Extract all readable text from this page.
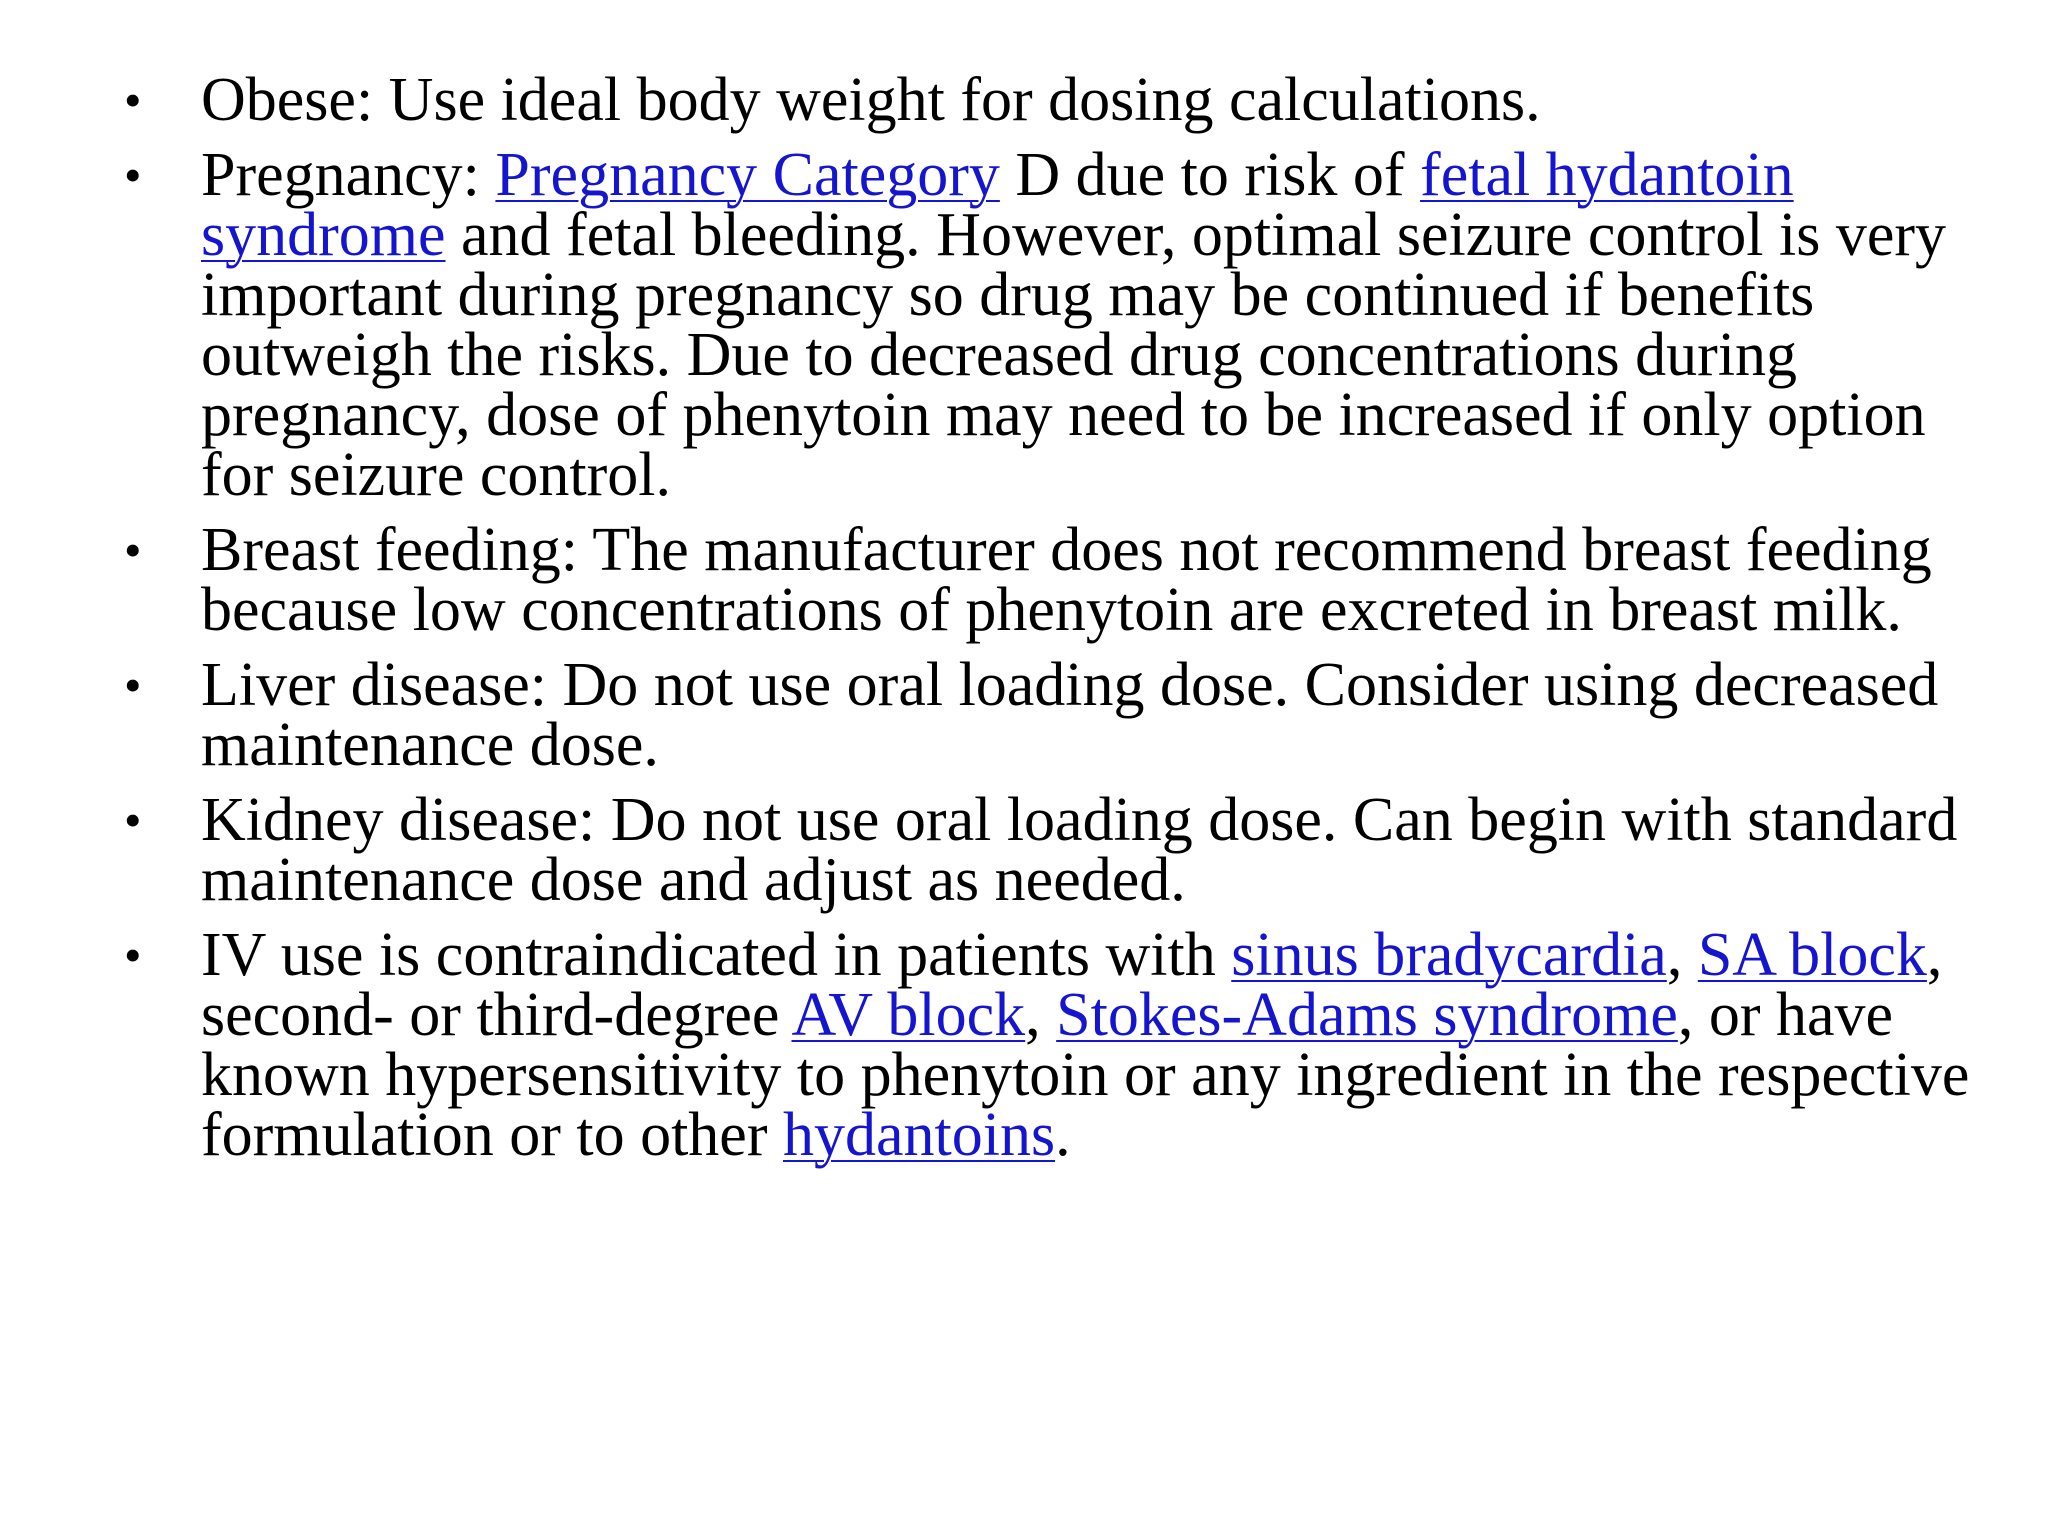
• Obese: Use ideal body weight for dosing calculations.
• Pregnancy: Pregnancy Category D due to risk of fetal hydantoin syndrome and fetal bleeding. However, optimal seizure control is very important during pregnancy so drug may be continued if benefits outweigh the risks. Due to decreased drug concentrations during pregnancy, dose of phenytoin may need to be increased if only option for seizure control.
• Breast feeding: The manufacturer does not recommend breast feeding because low concentrations of phenytoin are excreted in breast milk.
• Liver disease: Do not use oral loading dose. Consider using decreased maintenance dose.
• Kidney disease: Do not use oral loading dose. Can begin with standard maintenance dose and adjust as needed.
• IV use is contraindicated in patients with sinus bradycardia, SA block, second- or third-degree AV block, Stokes-Adams syndrome, or have known hypersensitivity to phenytoin or any ingredient in the respective formulation or to other hydantoins.
